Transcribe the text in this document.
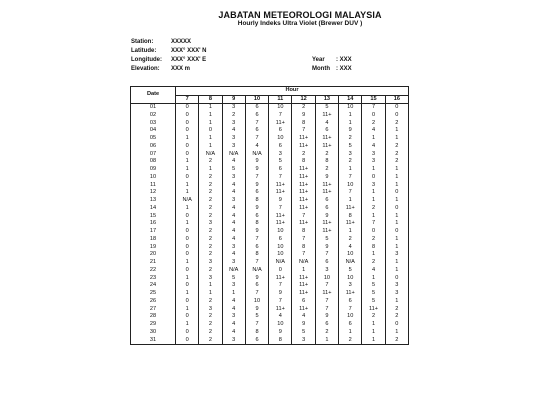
JABATAN METEOROLOGI MALAYSIA
Hourly Indeks Ultra Violet (Brewer DUV )
Station:	XXXXX
Latitude: XXX° XXX' N
Longitude: XXX° XXX' E
Elevation: XXX m
Year : XXX
Month : XXX
Date	Hour									
	7	8	9	10	11	12	13	14	15	16
01	0	1	3	6	10	2	5	10	7	0
02	0	1	2	6	7	9	11+	1	0	0
03	0	1	3	7	11+	8	4	1	2	2
04	0	0	4	6	6	7	6	9	4	1
05	1	1	3	7	10	11+	11+	2	1	1
06	0	1	3	4	6	11+	11+	5	4	2
07	0	N/A	N/A	N/A	3	2	2	3	3	2
08	1	2	4	9	5	8	8	2	3	2
09	1	1	5	9	6	11+	2	1	1	1
10	0	2	3	7	7	11+	9	7	0	1
11	1	2	4	9	11+	11+	11+	10	3	1
12	1	2	4	6	11+	11+	11+	7	1	0
13	N/A	2	3	8	9	11+	6	1	1	1
14	1	2	4	9	7	11+	6	11+	2	0
15	0	2	4	6	11+	7	9	8	1	1
16	1	3	4	8	11+	11+	11+	11+	7	1
17	0	2	4	9	10	8	11+	1	0	0
18	0	2	4	7	6	7	5	2	2	1
19	0	2	3	6	10	8	9	4	8	1
20	0	2	4	8	10	7	7	10	1	3
21	1	3	3	7	N/A	N/A	6	N/A	2	1
22	0	2	N/A	N/A	0	1	3	5	4	1
23	1	3	5	9	11+	11+	10	10	1	0
24	0	1	3	6	7	11+	7	3	5	3
25	1	1	1	7	9	11+	11+	11+	5	3
26	0	2	4	10	7	6	7	6	5	1
27	1	3	4	9	11+	11+	7	7	11+	2
28	0	2	3	5	4	4	9	10	2	2
29	1	2	4	7	10	9	6	6	1	0
30	0	2	4	8	9	5	2	1	1	1
31	0	2	3	6	8	3	1	2	1	2
